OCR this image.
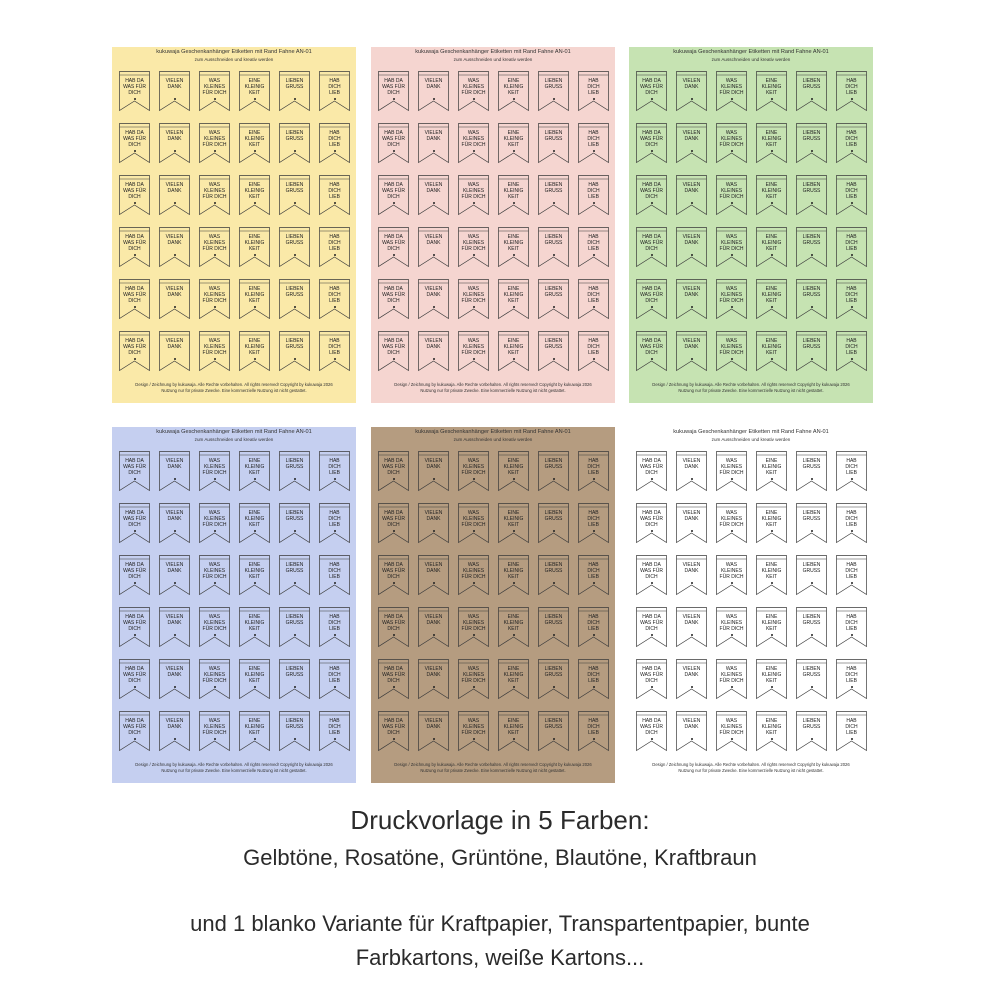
kukuwaja Geschenkanhänger Etiketten mit Rand Fahne AN-01
zum Ausschneiden und kreativ werden
HAB DA
WAS FÜR
DICH
VIELEN
DANK
WAS
KLEINES
FÜR DICH
EINE
KLEINIG
KEIT
LIEBEN
GRUSS
HAB
DICH
LIEB
HAB DA
WAS FÜR
DICH
VIELEN
DANK
WAS
KLEINES
FÜR DICH
EINE
KLEINIG
KEIT
LIEBEN
GRUSS
HAB
DICH
LIEB
HAB DA
WAS FÜR
DICH
VIELEN
DANK
WAS
KLEINES
FÜR DICH
EINE
KLEINIG
KEIT
LIEBEN
GRUSS
HAB
DICH
LIEB
HAB DA
WAS FÜR
DICH
VIELEN
DANK
WAS
KLEINES
FÜR DICH
EINE
KLEINIG
KEIT
LIEBEN
GRUSS
HAB
DICH
LIEB
HAB DA
WAS FÜR
DICH
VIELEN
DANK
WAS
KLEINES
FÜR DICH
EINE
KLEINIG
KEIT
LIEBEN
GRUSS
HAB
DICH
LIEB
HAB DA
WAS FÜR
DICH
VIELEN
DANK
WAS
KLEINES
FÜR DICH
EINE
KLEINIG
KEIT
LIEBEN
GRUSS
HAB
DICH
LIEB
Design / Zeichnung by kukuwaja. Alle Rechte vorbehalten. All rights reserved! Copyright by kukuwaja 2026
Nutzung nur für private Zwecke. Eine kommerzielle Nutzung ist nicht gestattet.
kukuwaja Geschenkanhänger Etiketten mit Rand Fahne AN-01
zum Ausschneiden und kreativ werden
HAB DA
WAS FÜR
DICH
VIELEN
DANK
WAS
KLEINES
FÜR DICH
EINE
KLEINIG
KEIT
LIEBEN
GRUSS
HAB
DICH
LIEB
HAB DA
WAS FÜR
DICH
VIELEN
DANK
WAS
KLEINES
FÜR DICH
EINE
KLEINIG
KEIT
LIEBEN
GRUSS
HAB
DICH
LIEB
HAB DA
WAS FÜR
DICH
VIELEN
DANK
WAS
KLEINES
FÜR DICH
EINE
KLEINIG
KEIT
LIEBEN
GRUSS
HAB
DICH
LIEB
HAB DA
WAS FÜR
DICH
VIELEN
DANK
WAS
KLEINES
FÜR DICH
EINE
KLEINIG
KEIT
LIEBEN
GRUSS
HAB
DICH
LIEB
HAB DA
WAS FÜR
DICH
VIELEN
DANK
WAS
KLEINES
FÜR DICH
EINE
KLEINIG
KEIT
LIEBEN
GRUSS
HAB
DICH
LIEB
HAB DA
WAS FÜR
DICH
VIELEN
DANK
WAS
KLEINES
FÜR DICH
EINE
KLEINIG
KEIT
LIEBEN
GRUSS
HAB
DICH
LIEB
Design / Zeichnung by kukuwaja. Alle Rechte vorbehalten. All rights reserved! Copyright by kukuwaja 2026
Nutzung nur für private Zwecke. Eine kommerzielle Nutzung ist nicht gestattet.
kukuwaja Geschenkanhänger Etiketten mit Rand Fahne AN-01
zum Ausschneiden und kreativ werden
HAB DA
WAS FÜR
DICH
VIELEN
DANK
WAS
KLEINES
FÜR DICH
EINE
KLEINIG
KEIT
LIEBEN
GRUSS
HAB
DICH
LIEB
HAB DA
WAS FÜR
DICH
VIELEN
DANK
WAS
KLEINES
FÜR DICH
EINE
KLEINIG
KEIT
LIEBEN
GRUSS
HAB
DICH
LIEB
HAB DA
WAS FÜR
DICH
VIELEN
DANK
WAS
KLEINES
FÜR DICH
EINE
KLEINIG
KEIT
LIEBEN
GRUSS
HAB
DICH
LIEB
HAB DA
WAS FÜR
DICH
VIELEN
DANK
WAS
KLEINES
FÜR DICH
EINE
KLEINIG
KEIT
LIEBEN
GRUSS
HAB
DICH
LIEB
HAB DA
WAS FÜR
DICH
VIELEN
DANK
WAS
KLEINES
FÜR DICH
EINE
KLEINIG
KEIT
LIEBEN
GRUSS
HAB
DICH
LIEB
HAB DA
WAS FÜR
DICH
VIELEN
DANK
WAS
KLEINES
FÜR DICH
EINE
KLEINIG
KEIT
LIEBEN
GRUSS
HAB
DICH
LIEB
Design / Zeichnung by kukuwaja. Alle Rechte vorbehalten. All rights reserved! Copyright by kukuwaja 2026
Nutzung nur für private Zwecke. Eine kommerzielle Nutzung ist nicht gestattet.
kukuwaja Geschenkanhänger Etiketten mit Rand Fahne AN-01
zum Ausschneiden und kreativ werden
HAB DA
WAS FÜR
DICH
VIELEN
DANK
WAS
KLEINES
FÜR DICH
EINE
KLEINIG
KEIT
LIEBEN
GRUSS
HAB
DICH
LIEB
HAB DA
WAS FÜR
DICH
VIELEN
DANK
WAS
KLEINES
FÜR DICH
EINE
KLEINIG
KEIT
LIEBEN
GRUSS
HAB
DICH
LIEB
HAB DA
WAS FÜR
DICH
VIELEN
DANK
WAS
KLEINES
FÜR DICH
EINE
KLEINIG
KEIT
LIEBEN
GRUSS
HAB
DICH
LIEB
HAB DA
WAS FÜR
DICH
VIELEN
DANK
WAS
KLEINES
FÜR DICH
EINE
KLEINIG
KEIT
LIEBEN
GRUSS
HAB
DICH
LIEB
HAB DA
WAS FÜR
DICH
VIELEN
DANK
WAS
KLEINES
FÜR DICH
EINE
KLEINIG
KEIT
LIEBEN
GRUSS
HAB
DICH
LIEB
HAB DA
WAS FÜR
DICH
VIELEN
DANK
WAS
KLEINES
FÜR DICH
EINE
KLEINIG
KEIT
LIEBEN
GRUSS
HAB
DICH
LIEB
Design / Zeichnung by kukuwaja. Alle Rechte vorbehalten. All rights reserved! Copyright by kukuwaja 2026
Nutzung nur für private Zwecke. Eine kommerzielle Nutzung ist nicht gestattet.
kukuwaja Geschenkanhänger Etiketten mit Rand Fahne AN-01
zum Ausschneiden und kreativ werden
HAB DA
WAS FÜR
DICH
VIELEN
DANK
WAS
KLEINES
FÜR DICH
EINE
KLEINIG
KEIT
LIEBEN
GRUSS
HAB
DICH
LIEB
HAB DA
WAS FÜR
DICH
VIELEN
DANK
WAS
KLEINES
FÜR DICH
EINE
KLEINIG
KEIT
LIEBEN
GRUSS
HAB
DICH
LIEB
HAB DA
WAS FÜR
DICH
VIELEN
DANK
WAS
KLEINES
FÜR DICH
EINE
KLEINIG
KEIT
LIEBEN
GRUSS
HAB
DICH
LIEB
HAB DA
WAS FÜR
DICH
VIELEN
DANK
WAS
KLEINES
FÜR DICH
EINE
KLEINIG
KEIT
LIEBEN
GRUSS
HAB
DICH
LIEB
HAB DA
WAS FÜR
DICH
VIELEN
DANK
WAS
KLEINES
FÜR DICH
EINE
KLEINIG
KEIT
LIEBEN
GRUSS
HAB
DICH
LIEB
HAB DA
WAS FÜR
DICH
VIELEN
DANK
WAS
KLEINES
FÜR DICH
EINE
KLEINIG
KEIT
LIEBEN
GRUSS
HAB
DICH
LIEB
Design / Zeichnung by kukuwaja. Alle Rechte vorbehalten. All rights reserved! Copyright by kukuwaja 2026
Nutzung nur für private Zwecke. Eine kommerzielle Nutzung ist nicht gestattet.
kukuwaja Geschenkanhänger Etiketten mit Rand Fahne AN-01
zum Ausschneiden und kreativ werden
HAB DA
WAS FÜR
DICH
VIELEN
DANK
WAS
KLEINES
FÜR DICH
EINE
KLEINIG
KEIT
LIEBEN
GRUSS
HAB
DICH
LIEB
HAB DA
WAS FÜR
DICH
VIELEN
DANK
WAS
KLEINES
FÜR DICH
EINE
KLEINIG
KEIT
LIEBEN
GRUSS
HAB
DICH
LIEB
HAB DA
WAS FÜR
DICH
VIELEN
DANK
WAS
KLEINES
FÜR DICH
EINE
KLEINIG
KEIT
LIEBEN
GRUSS
HAB
DICH
LIEB
HAB DA
WAS FÜR
DICH
VIELEN
DANK
WAS
KLEINES
FÜR DICH
EINE
KLEINIG
KEIT
LIEBEN
GRUSS
HAB
DICH
LIEB
HAB DA
WAS FÜR
DICH
VIELEN
DANK
WAS
KLEINES
FÜR DICH
EINE
KLEINIG
KEIT
LIEBEN
GRUSS
HAB
DICH
LIEB
HAB DA
WAS FÜR
DICH
VIELEN
DANK
WAS
KLEINES
FÜR DICH
EINE
KLEINIG
KEIT
LIEBEN
GRUSS
HAB
DICH
LIEB
Design / Zeichnung by kukuwaja. Alle Rechte vorbehalten. All rights reserved! Copyright by kukuwaja 2026
Nutzung nur für private Zwecke. Eine kommerzielle Nutzung ist nicht gestattet.
Druckvorlage in 5 Farben:
Gelbtöne, Rosatöne, Grüntöne, Blautöne, Kraftbraun
und 1 blanko Variante für Kraftpapier, Transpartentpapier, bunte
Farbkartons, weiße Kartons...
